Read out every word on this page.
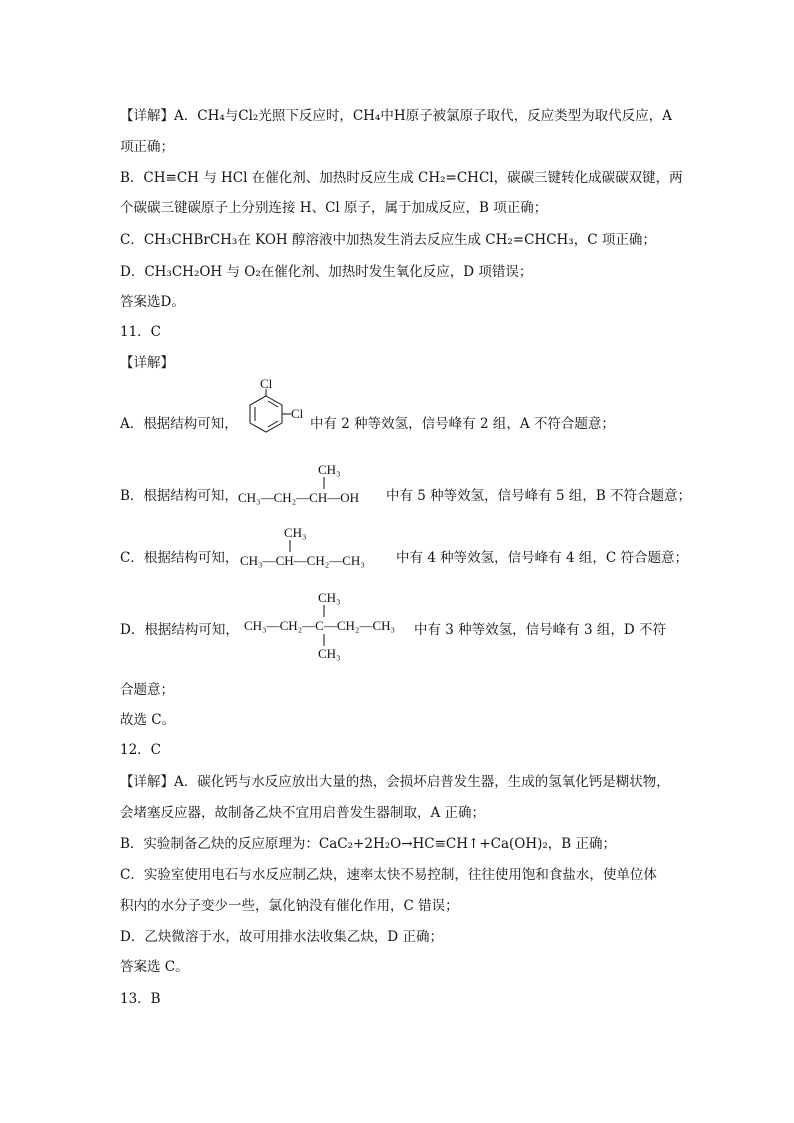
【详解】A．CH₄与Cl₂光照下反应时，CH₄中H原子被氯原子取代，反应类型为取代反应，A
项正确；
B．CH≡CH 与 HCl 在催化剂、加热时反应生成 CH₂=CHCl，碳碳三键转化成碳碳双键，两
个碳碳三键碳原子上分别连接 H、Cl 原子，属于加成反应，B 项正确；
C．CH₃CHBrCH₃在 KOH 醇溶液中加热发生消去反应生成 CH₂=CHCH₃，C 项正确；
D．CH₃CH₂OH 与 O₂在催化剂、加热时发生氧化反应，D 项错误；
答案选D。
11．C
【详解】
A．根据结构可知，
Cl
Cl
中有 2 种等效氢，信号峰有 2 组，A 不符合题意；
B．根据结构可知，
CH₃
CH₃—CH₂—CH—OH 中有 5 种等效氢，信号峰有 5 组，B 不符合题意；
C．根据结构可知，
CH₃
CH₃—CH—CH₂—CH₃ 中有 4 种等效氢，信号峰有 4 组，C 符合题意；
D．根据结构可知，
CH₃
CH₃—CH₂—C—CH₂—CH₃
CH₃
中有 3 种等效氢，信号峰有 3 组，D 不符
合题意；
故选 C。
12．C
【详解】A．碳化钙与水反应放出大量的热，会损坏启普发生器，生成的氢氧化钙是糊状物，
会堵塞反应器，故制备乙炔不宜用启普发生器制取，A 正确；
B．实验制备乙炔的反应原理为：CaC₂+2H₂O→HC≡CH↑+Ca(OH)₂，B 正确；
C．实验室使用电石与水反应制乙炔，速率太快不易控制，往往使用饱和食盐水，使单位体
积内的水分子变少一些，氯化钠没有催化作用，C 错误；
D．乙炔微溶于水，故可用排水法收集乙炔，D 正确；
答案选 C。
13．B
